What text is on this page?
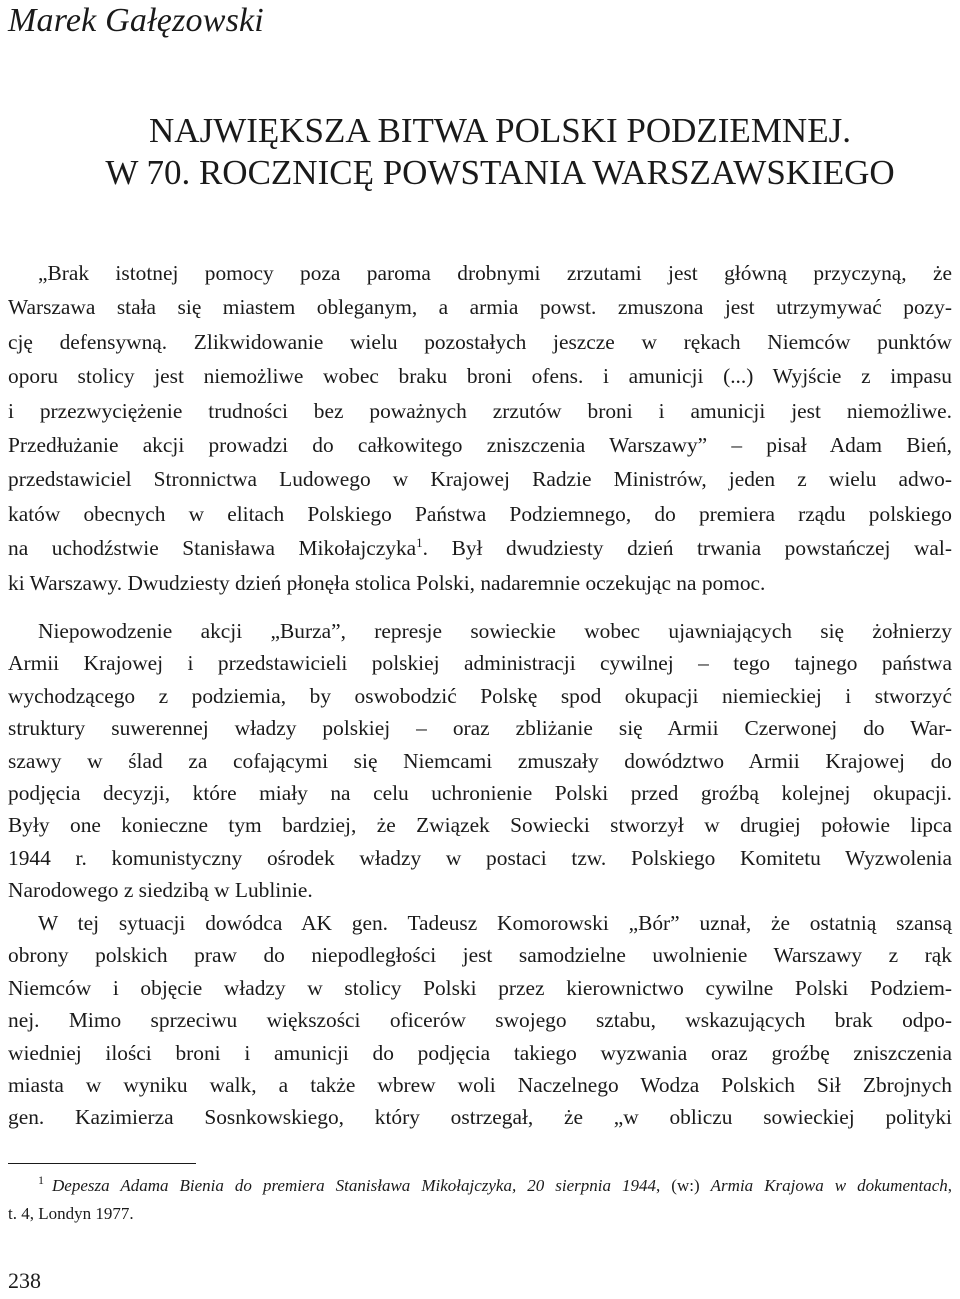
Marek Gałęzowski
NAJWIĘKSZA BITWA POLSKI PODZIEMNEJ.
W 70. ROCZNICĘ POWSTANIA WARSZAWSKIEGO
„Brak istotnej pomocy poza paroma drobnymi zrzutami jest główną przyczyną, że
Warszawa stała się miastem obleganym, a armia powst. zmuszona jest utrzymywać pozy-
cję defensywną. Zlikwidowanie wielu pozostałych jeszcze w rękach Niemców punktów
oporu stolicy jest niemożliwe wobec braku broni ofens. i amunicji (...) Wyjście z impasu
i przezwyciężenie trudności bez poważnych zrzutów broni i amunicji jest niemożliwe.
Przedłużanie akcji prowadzi do całkowitego zniszczenia Warszawy” – pisał Adam Bień,
przedstawiciel Stronnictwa Ludowego w Krajowej Radzie Ministrów, jeden z wielu adwo-
katów obecnych w elitach Polskiego Państwa Podziemnego, do premiera rządu polskiego
na uchodźstwie Stanisława Mikołajczyka$^1$. Był dwudziesty dzień trwania powstańczej wal-
ki Warszawy. Dwudziesty dzień płonęła stolica Polski, nadaremnie oczekując na pomoc.
Niepowodzenie akcji „Burza”, represje sowieckie wobec ujawniających się żołnierzy
Armii Krajowej i przedstawicieli polskiej administracji cywilnej – tego tajnego państwa
wychodzącego z podziemia, by oswobodzić Polskę spod okupacji niemieckiej i stworzyć
struktury suwerennej władzy polskiej – oraz zbliżanie się Armii Czerwonej do War-
szawy w ślad za cofającymi się Niemcami zmuszały dowództwo Armii Krajowej do
podjęcia decyzji, które miały na celu uchronienie Polski przed groźbą kolejnej okupacji.
Były one konieczne tym bardziej, że Związek Sowiecki stworzył w drugiej połowie lipca
1944 r. komunistyczny ośrodek władzy w postaci tzw. Polskiego Komitetu Wyzwolenia
Narodowego z siedzibą w Lublinie.
W tej sytuacji dowódca AK gen. Tadeusz Komorowski „Bór” uznał, że ostatnią szansą
obrony polskich praw do niepodległości jest samodzielne uwolnienie Warszawy z rąk
Niemców i objęcie władzy w stolicy Polski przez kierownictwo cywilne Polski Podziem-
nej. Mimo sprzeciwu większości oficerów swojego sztabu, wskazujących brak odpo-
wiedniej ilości broni i amunicji do podjęcia takiego wyzwania oraz groźbę zniszczenia
miasta w wyniku walk, a także wbrew woli Naczelnego Wodza Polskich Sił Zbrojnych
gen. Kazimierza Sosnkowskiego, który ostrzegał, że „w obliczu sowieckiej polityki
$^1$ Depesza Adama Bienia do premiera Stanisława Mikołajczyka, 20 sierpnia 1944, (w:) Armia Krajowa w dokumentach,
t. 4, Londyn 1977.
238
